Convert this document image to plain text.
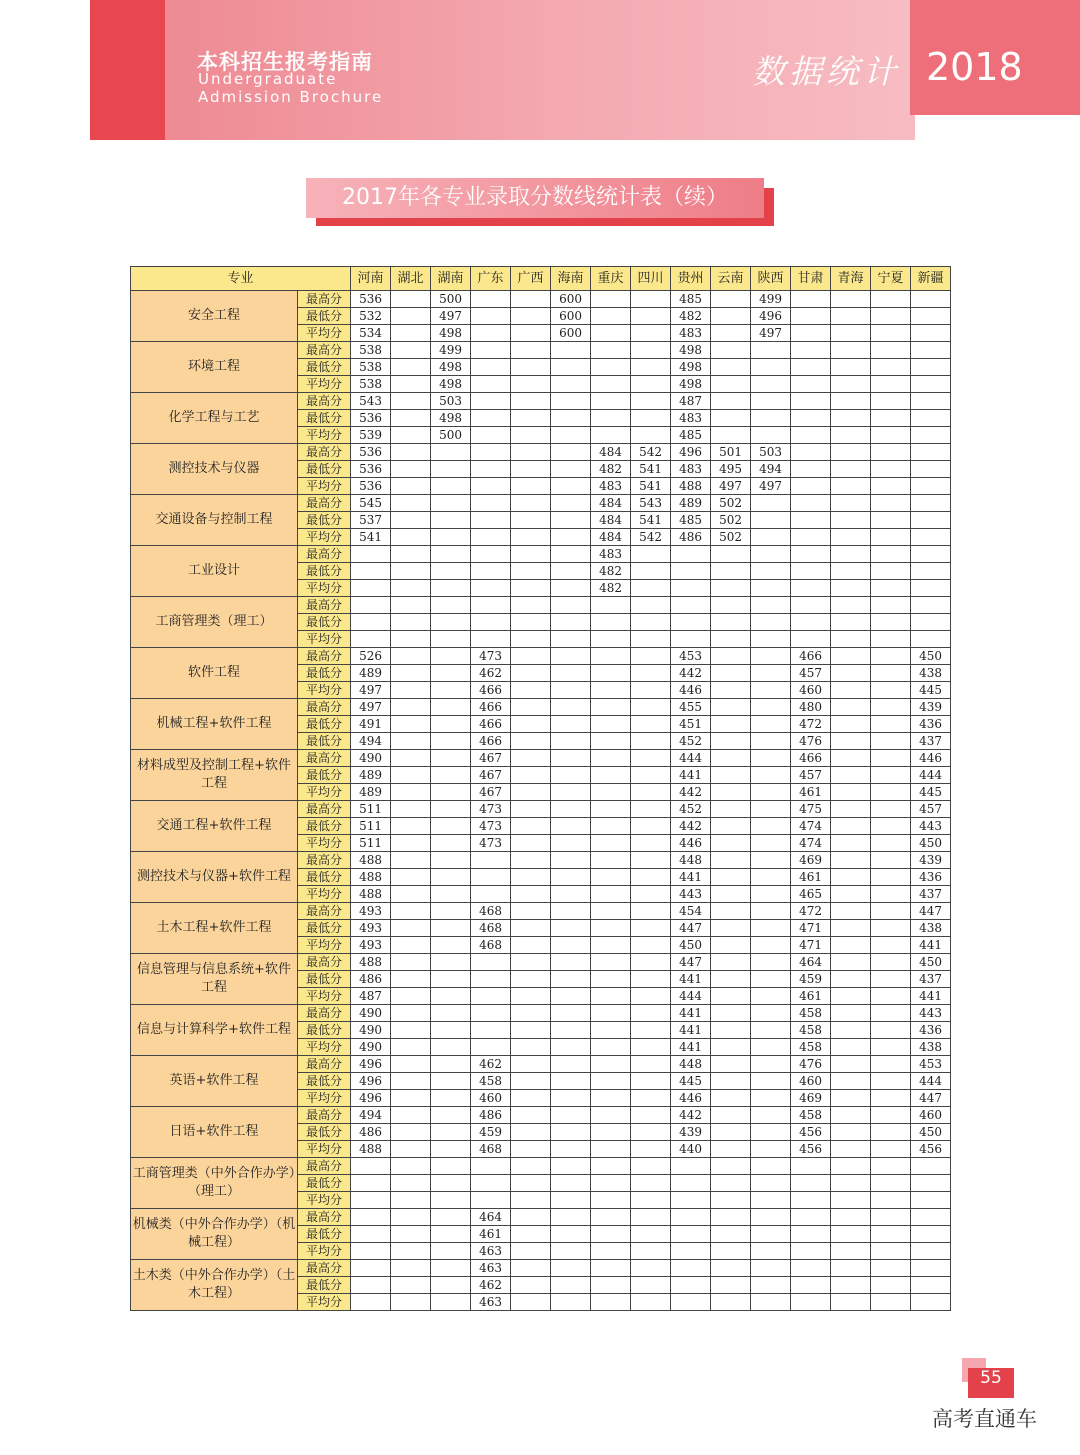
本科招生报考指南
Undergraduate
Admission Brochure
数据统计 2018
2017年各专业录取分数线统计表（续）
专业		河南	湖北	湖南	广东	广西	海南	重庆	四川	贵州	云南	陕西	甘肃	青海	宁夏	新疆
安全工程	最高分	536		500			600			485		499				
	最低分	532		497			600			482		496				
	平均分	534		498			600			483		497				
环境工程	最高分	538		499						498						
	最低分	538		498						498						
	平均分	538		498						498						
化学工程与工艺	最高分	543		503						487						
	最低分	536		498						483						
	平均分	539		500						485						
测控技术与仪器	最高分	536						484	542	496	501	503				
	最低分	536						482	541	483	495	494				
	平均分	536						483	541	488	497	497				
交通设备与控制工程	最高分	545						484	543	489	502					
	最低分	537						484	541	485	502					
	平均分	541						484	542	486	502					
工业设计	最高分							483								
	最低分							482								
	平均分							482								
工商管理类（理工）	最高分															
	最低分															
	平均分															
软件工程	最高分	526			473					453			466			450
	最低分	489			462					442			457			438
	平均分	497			466					446			460			445
机械工程+软件工程	最高分	497			466					455			480			439
	最低分	491			466					451			472			436
	最低分	494			466					452			476			437
材料成型及控制工程+软件工程	最高分	490			467					444			466			446
	最低分	489			467					441			457			444
	平均分	489			467					442			461			445
交通工程+软件工程	最高分	511			473					452			475			457
	最低分	511			473					442			474			443
	平均分	511			473					446			474			450
测控技术与仪器+软件工程	最高分	488								448			469			439
	最低分	488								441			461			436
	平均分	488								443			465			437
土木工程+软件工程	最高分	493			468					454			472			447
	最低分	493			468					447			471			438
	平均分	493			468					450			471			441
信息管理与信息系统+软件工程	最高分	488								447			464			450
	最低分	486								441			459			437
	平均分	487								444			461			441
信息与计算科学+软件工程	最高分	490								441			458			443
	最低分	490								441			458			436
	平均分	490								441			458			438
英语+软件工程	最高分	496			462					448			476			453
	最低分	496			458					445			460			444
	平均分	496			460					446			469			447
日语+软件工程	最高分	494			486					442			458			460
	最低分	486			459					439			456			450
	平均分	488			468					440			456			456
工商管理类（中外合作办学）（理工）	最高分															
	最低分															
	平均分															
机械类（中外合作办学）（机械工程）	最高分				464											
	最低分				461											
	平均分				463											
土木类（中外合作办学）（土木工程）	最高分				463											
	最低分				462											
	平均分				463											
55
高考直通车
